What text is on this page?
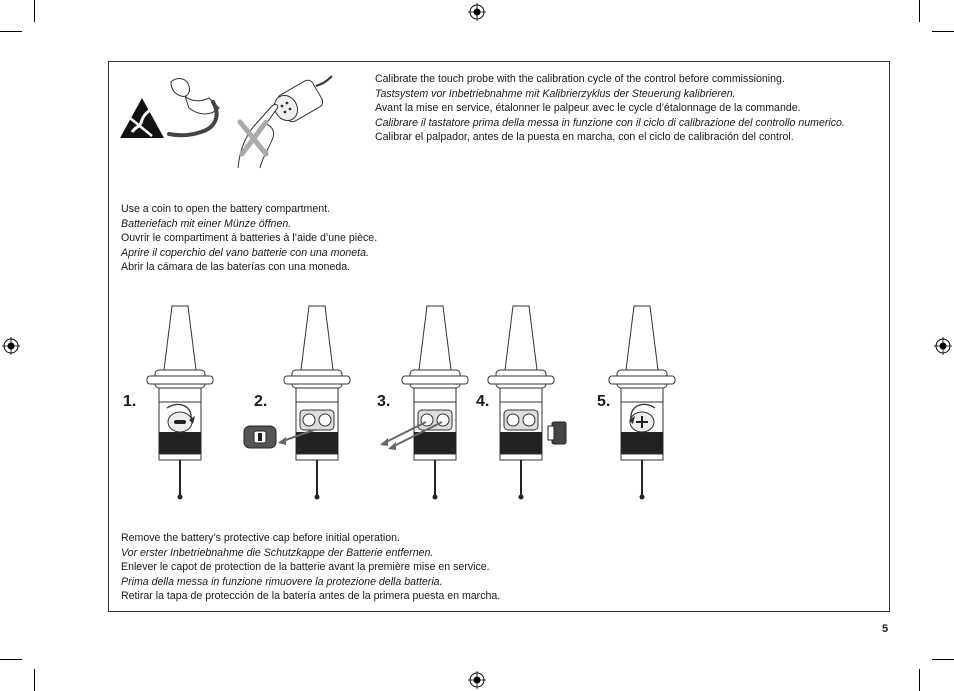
Calibrate the touch probe with the calibration cycle of the control before commissioning.
Tastsystem vor Inbetriebnahme mit Kalibrierzyklus der Steuerung kalibrieren.
Avant la mise en service, étalonner le palpeur avec le cycle d’étalonnage de la commande.
Calibrare il tastatore prima della messa in funzione con il ciclo di calibrazione del controllo numerico.
Calibrar el palpador, antes de la puesta en marcha, con el ciclo de calibración del control.
Use a coin to open the battery compartment.
Batteriefach mit einer Münze öffnen.
Ouvrir le compartiment à batteries à l’aide d’une pièce.
Aprire il coperchio del vano batterie con una moneta.
Abrir la cámara de las baterías con una moneda.
1.	2.	3.	4.	5.
Remove the battery’s protective cap before initial operation.
Vor erster Inbetriebnahme die Schutzkappe der Batterie entfernen.
Enlever le capot de protection de la batterie avant la première mise en service.
Prima della messa in funzione rimuovere la protezione della batteria.
Retirar la tapa de protección de la batería antes de la primera puesta en marcha.
5
